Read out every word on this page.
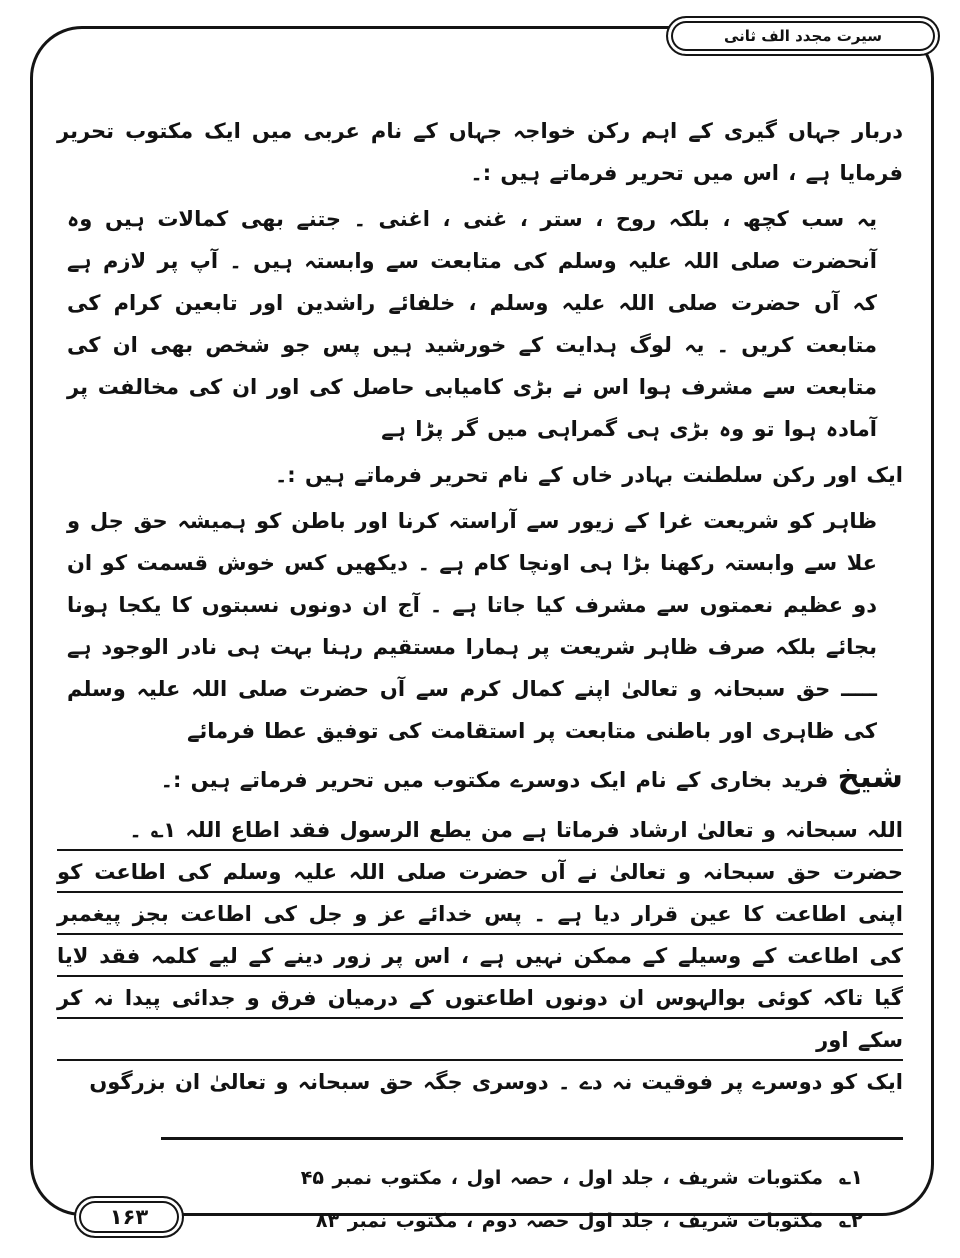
سیرت مجدد الف ثانی

دربار جہاں گیری کے اہم رکن خواجہ جہاں کے نام عربی میں ایک مکتوب تحریر فرمایا ہے ، اس میں تحریر فرماتے ہیں :۔

یہ سب کچھ ، بلکہ روح ، ستر ، غنی ، اغنی ۔ جتنے بھی کمالات ہیں وہ آنحضرت صلی اللہ علیہ وسلم کی متابعت سے وابستہ ہیں ۔ آپ پر لازم ہے کہ آں حضرت صلی اللہ علیہ وسلم ، خلفائے راشدین اور تابعین کرام کی متابعت کریں ۔ یہ لوگ ہدایت کے خورشید ہیں پس جو شخص بھی ان کی متابعت سے مشرف ہوا اس نے بڑی کامیابی حاصل کی اور ان کی مخالفت پر آمادہ ہوا تو وہ بڑی ہی گمراہی میں گر پڑا ہے

ایک اور رکن سلطنت بہادر خاں کے نام تحریر فرماتے ہیں :۔

ظاہر کو شریعت غرا کے زیور سے آراستہ کرنا اور باطن کو ہمیشہ حق جل و علا سے وابستہ رکھنا بڑا ہی اونچا کام ہے ۔ دیکھیں کس خوش قسمت کو ان دو عظیم نعمتوں سے مشرف کیا جاتا ہے ۔ آج ان دونوں نسبتوں کا یکجا ہونا بجائے بلکہ صرف ظاہر شریعت پر ہمارا مستقیم رہنا بہت ہی نادر الوجود ہے ـــــ حق سبحانہ و تعالیٰ اپنے کمال کرم سے آں حضرت صلی اللہ علیہ وسلم کی ظاہری اور باطنی متابعت پر استقامت کی توفیق عطا فرمائے

شیخ فرید بخاری کے نام ایک دوسرے مکتوب میں تحریر فرماتے ہیں :۔

اللہ سبحانہ و تعالیٰ ارشاد فرماتا ہے من یطع الرسول فقد اطاع اللہ ۱؎ ۔

حضرت حق سبحانہ و تعالیٰ نے آں حضرت صلی اللہ علیہ وسلم کی اطاعت کو اپنی اطاعت کا عین قرار دیا ہے ۔ پس خدائے عز و جل کی اطاعت بجز پیغمبر کی اطاعت کے وسیلے کے ممکن نہیں ہے ، اس پر زور دینے کے لیے کلمہ فقد لایا گیا تاکہ کوئی بوالہوس ان دونوں اطاعتوں کے درمیان فرق و جدائی پیدا نہ کر سکے اور

ایک کو دوسرے پر فوقیت نہ دے ۔ دوسری جگہ حق سبحانہ و تعالیٰ ان بزرگوں

۱؎
مکتوبات شریف ، جلد اول ، حصہ اول ، مکتوب نمبر ۴۵

۲؎
مکتوبات شریف ، جلد اول حصہ دوم ، مکتوب نمبر ۸۳

۱۶۳
